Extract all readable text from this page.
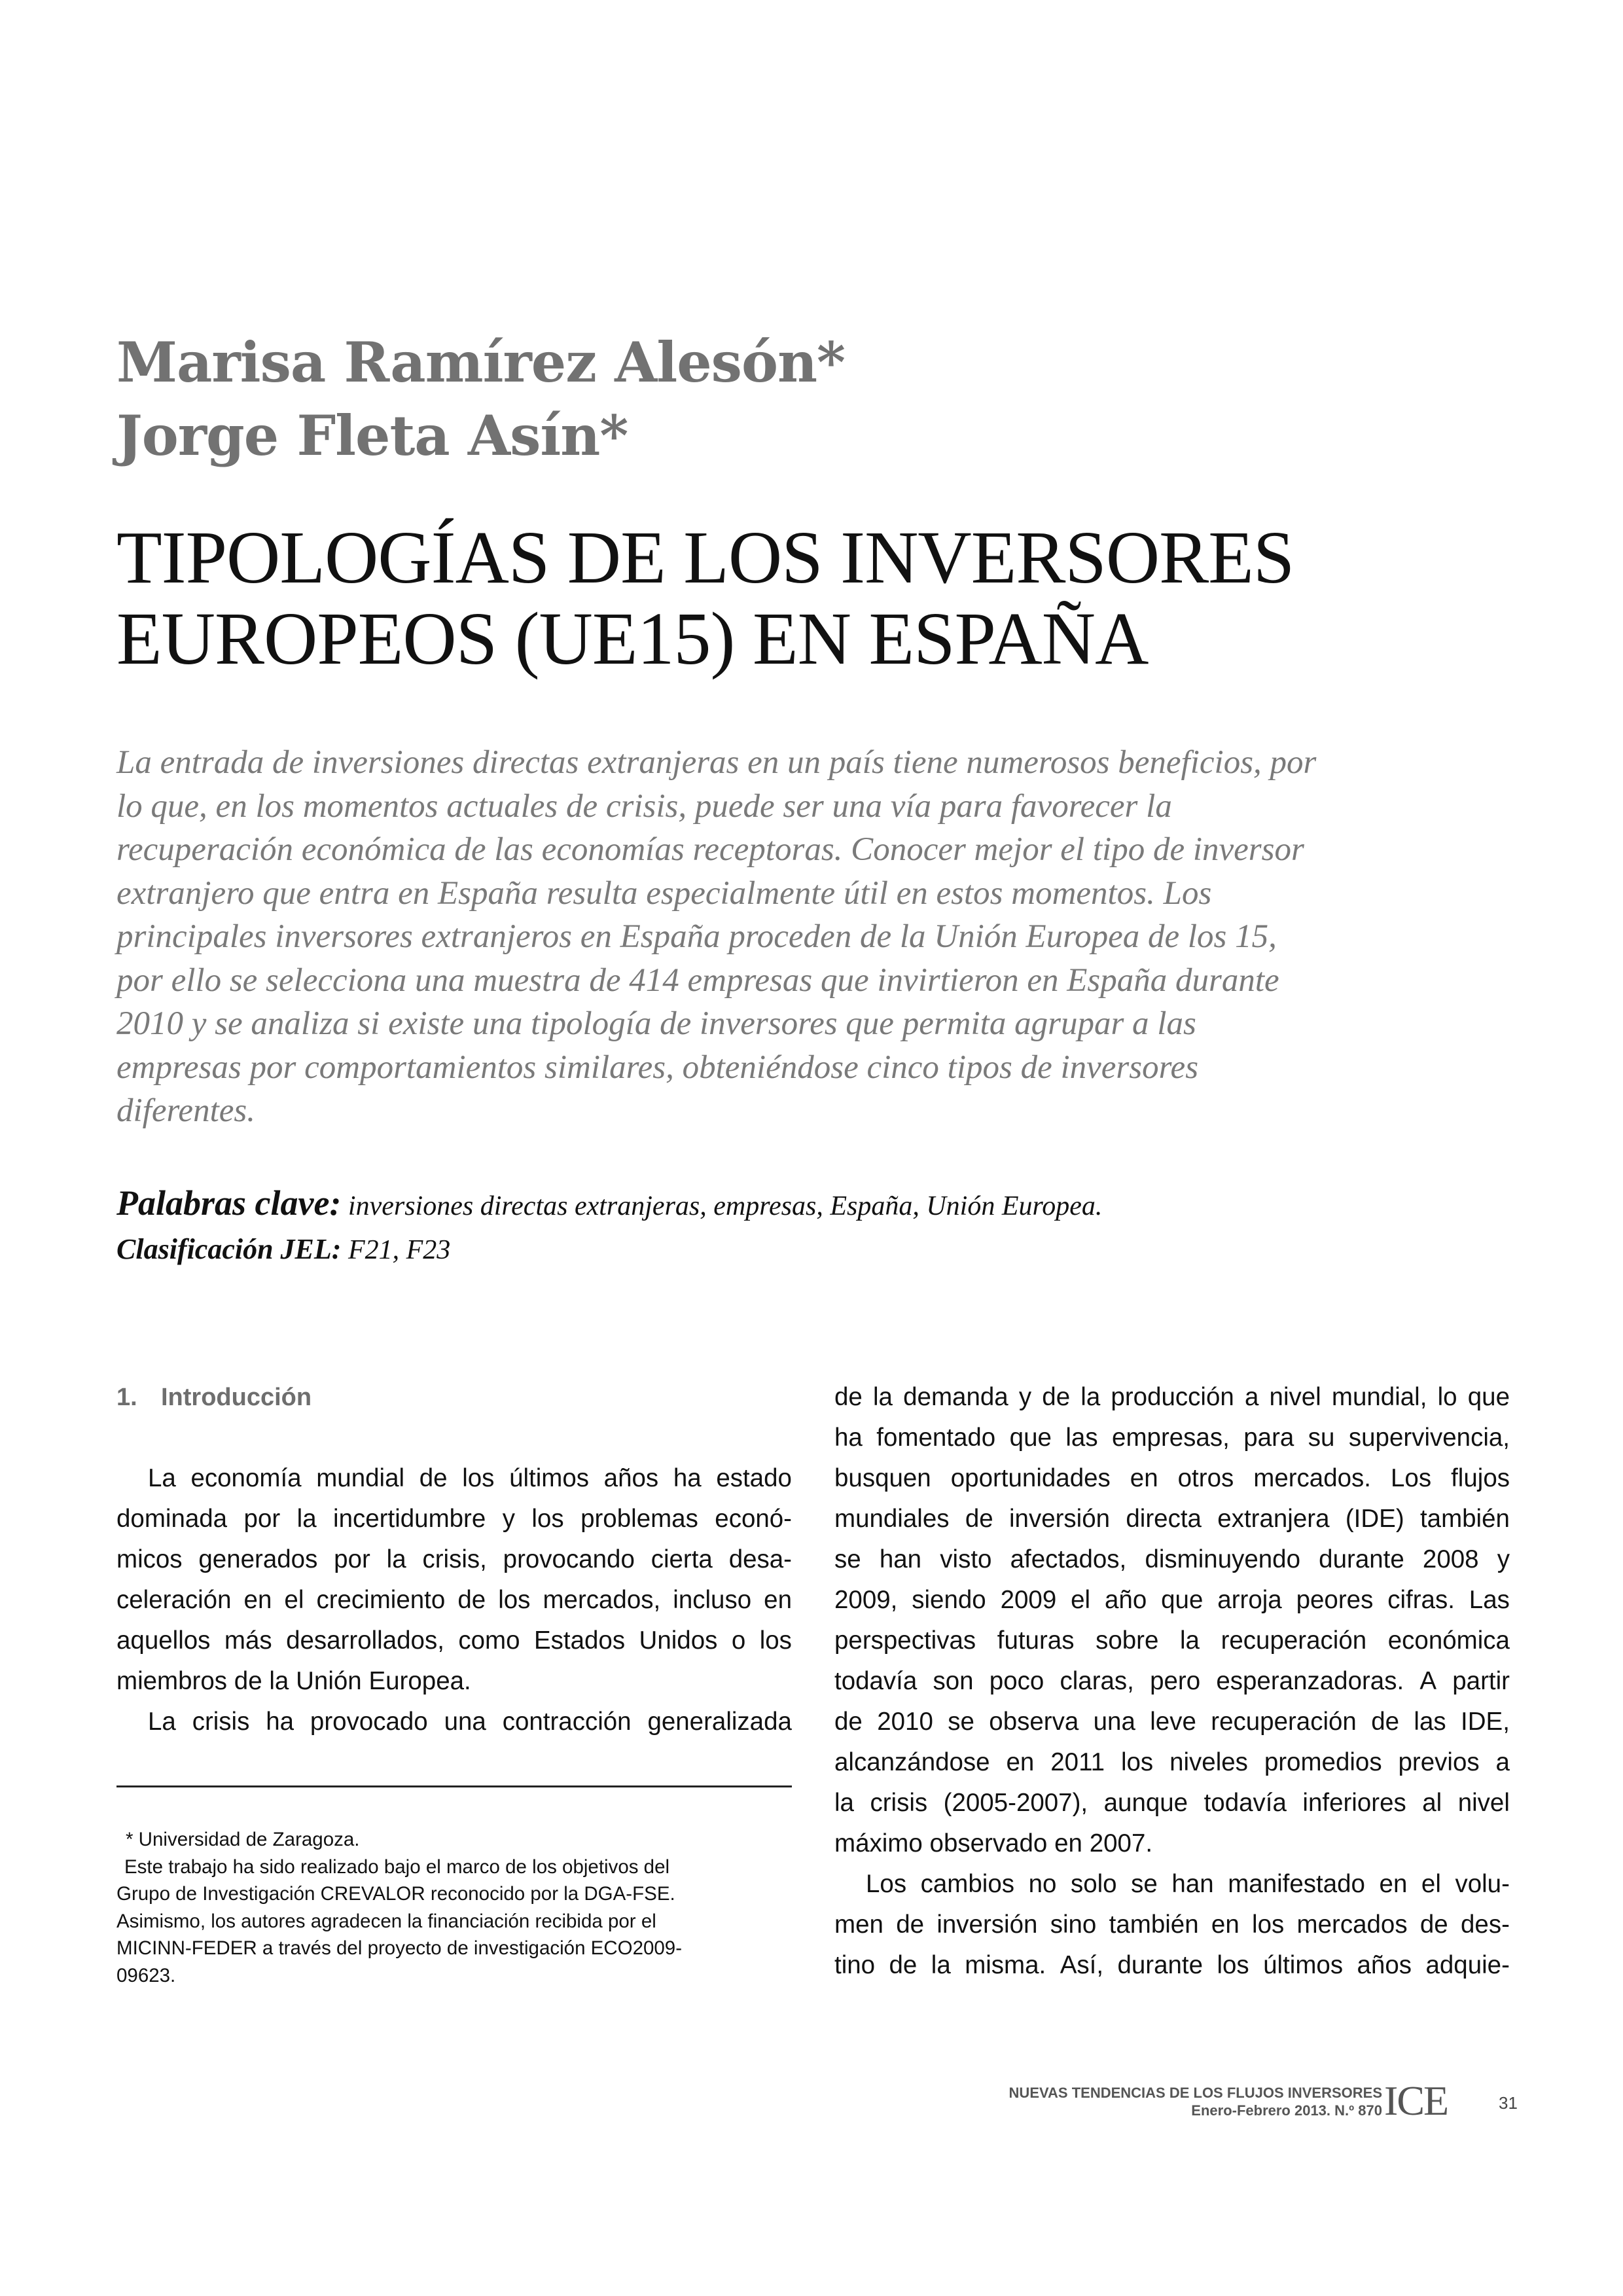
Marisa Ramírez Alesón*
Jorge Fleta Asín*
TIPOLOGÍAS DE LOS INVERSORES
EUROPEOS (UE15) EN ESPAÑA
La entrada de inversiones directas extranjeras en un país tiene numerosos beneficios, por
lo que, en los momentos actuales de crisis, puede ser una vía para favorecer la
recuperación económica de las economías receptoras. Conocer mejor el tipo de inversor
extranjero que entra en España resulta especialmente útil en estos momentos. Los
principales inversores extranjeros en España proceden de la Unión Europea de los 15,
por ello se selecciona una muestra de 414 empresas que invirtieron en España durante
2010 y se analiza si existe una tipología de inversores que permita agrupar a las
empresas por comportamientos similares, obteniéndose cinco tipos de inversores
diferentes.
Palabras clave: inversiones directas extranjeras, empresas, España, Unión Europea.
Clasificación JEL: F21, F23
1. Introducción
La economía mundial de los últimos años ha estado
dominada por la incertidumbre y los problemas econó-
micos generados por la crisis, provocando cierta desa-
celeración en el crecimiento de los mercados, incluso en
aquellos más desarrollados, como Estados Unidos o los
miembros de la Unión Europea.
La crisis ha provocado una contracción generalizada
* Universidad de Zaragoza.
Este trabajo ha sido realizado bajo el marco de los objetivos del
Grupo de Investigación CREVALOR reconocido por la DGA-FSE.
Asimismo, los autores agradecen la financiación recibida por el
MICINN-FEDER a través del proyecto de investigación ECO2009-
09623.
de la demanda y de la producción a nivel mundial, lo que
ha fomentado que las empresas, para su supervivencia,
busquen oportunidades en otros mercados. Los flujos
mundiales de inversión directa extranjera (IDE) también
se han visto afectados, disminuyendo durante 2008 y
2009, siendo 2009 el año que arroja peores cifras. Las
perspectivas futuras sobre la recuperación económica
todavía son poco claras, pero esperanzadoras. A partir
de 2010 se observa una leve recuperación de las IDE,
alcanzándose en 2011 los niveles promedios previos a
la crisis (2005-2007), aunque todavía inferiores al nivel
máximo observado en 2007.
Los cambios no solo se han manifestado en el volu-
men de inversión sino también en los mercados de des-
tino de la misma. Así, durante los últimos años adquie-
NUEVAS TENDENCIAS DE LOS FLUJOS INVERSORES
Enero-Febrero 2013. N.º 870 ICE	31
